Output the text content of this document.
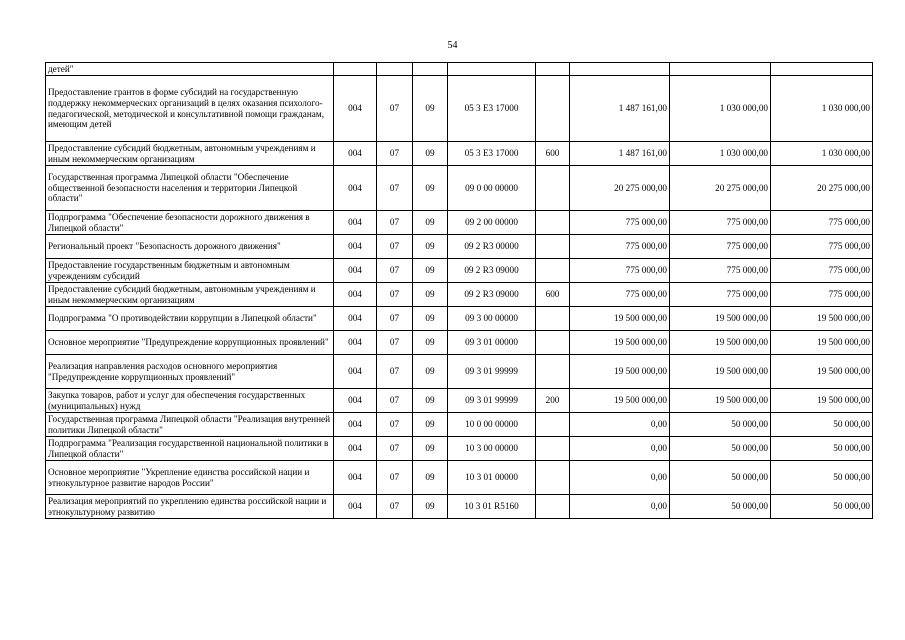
54
детей"								
Предоставление грантов в форме субсидий на государственную поддержку некоммерческих организаций в целях оказания психолого-педагогической, методической и консультативной помощи гражданам, имеющим детей	004	07	09	05 3 E3 17000		1 487 161,00	1 030 000,00	1 030 000,00
Предоставление субсидий бюджетным, автономным учреждениям и иным некоммерческим организациям	004	07	09	05 3 E3 17000	600	1 487 161,00	1 030 000,00	1 030 000,00
Государственная программа Липецкой области "Обеспечение общественной безопасности населения и территории Липецкой области"	004	07	09	09 0 00 00000		20 275 000,00	20 275 000,00	20 275 000,00
Подпрограмма "Обеспечение безопасности дорожного движения в Липецкой области"	004	07	09	09 2 00 00000		775 000,00	775 000,00	775 000,00
Региональный проект "Безопасность дорожного движения"	004	07	09	09 2 R3 00000		775 000,00	775 000,00	775 000,00
Предоставление государственным бюджетным и автономным учреждениям субсидий	004	07	09	09 2 R3 09000		775 000,00	775 000,00	775 000,00
Предоставление субсидий бюджетным, автономным учреждениям и иным некоммерческим организациям	004	07	09	09 2 R3 09000	600	775 000,00	775 000,00	775 000,00
Подпрограмма "О противодействии коррупции в Липецкой области"	004	07	09	09 3 00 00000		19 500 000,00	19 500 000,00	19 500 000,00
Основное мероприятие "Предупреждение коррупционных проявлений"	004	07	09	09 3 01 00000		19 500 000,00	19 500 000,00	19 500 000,00
Реализация направления расходов основного мероприятия "Предупреждение коррупционных проявлений"	004	07	09	09 3 01 99999		19 500 000,00	19 500 000,00	19 500 000,00
Закупка товаров, работ и услуг для обеспечения государственных (муниципальных) нужд	004	07	09	09 3 01 99999	200	19 500 000,00	19 500 000,00	19 500 000,00
Государственная программа Липецкой области "Реализация внутренней политики Липецкой области"	004	07	09	10 0 00 00000		0,00	50 000,00	50 000,00
Подпрограмма "Реализация государственной национальной политики в Липецкой области"	004	07	09	10 3 00 00000		0,00	50 000,00	50 000,00
Основное мероприятие "Укрепление единства российской нации и этнокультурное развитие народов России"	004	07	09	10 3 01 00000		0,00	50 000,00	50 000,00
Реализация мероприятий по укреплению единства российской нации и этнокультурному развитию	004	07	09	10 3 01 R5160		0,00	50 000,00	50 000,00
